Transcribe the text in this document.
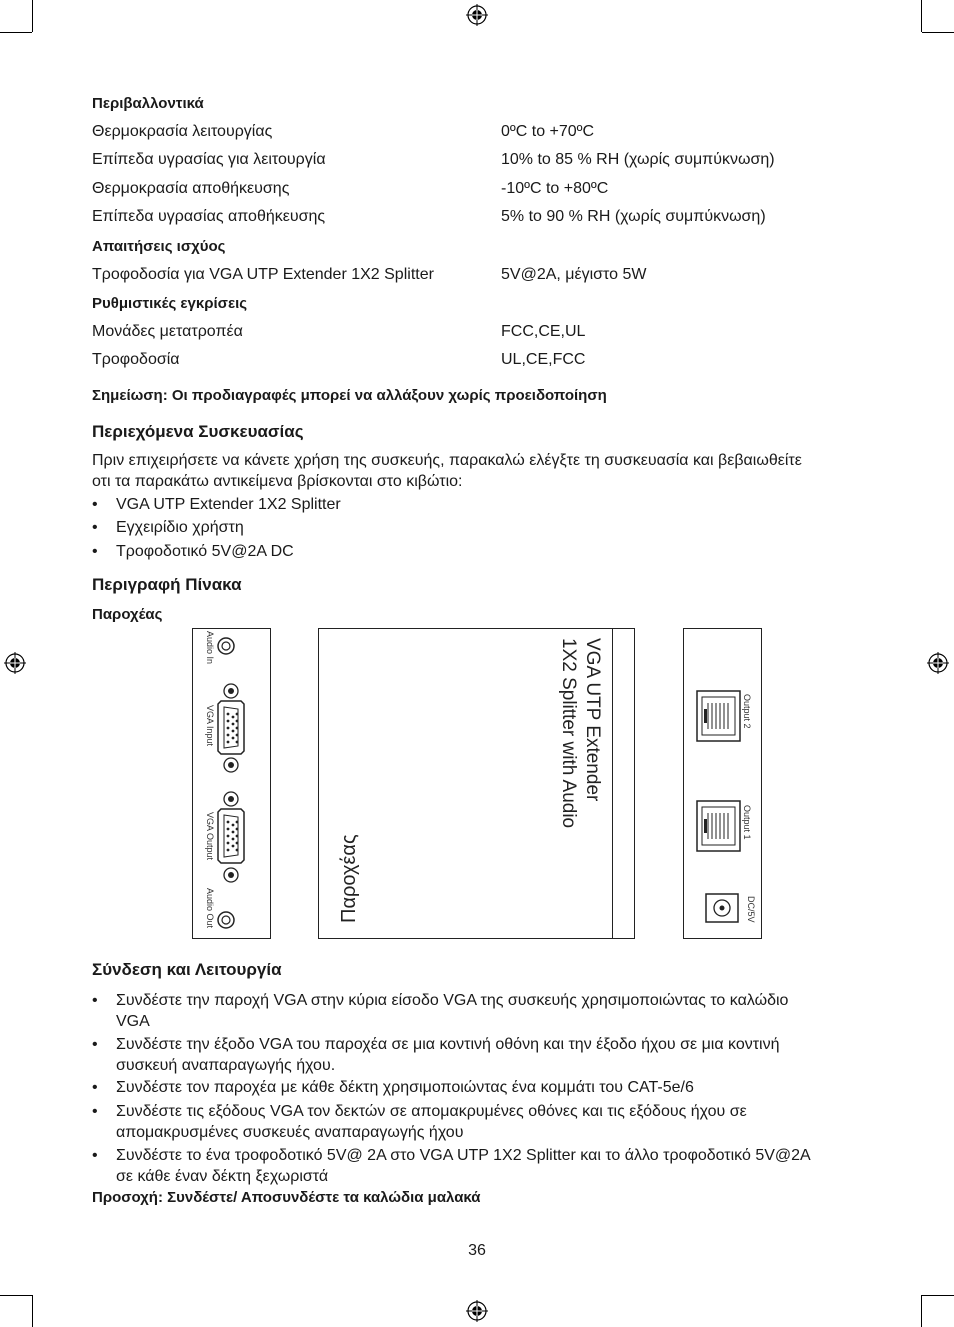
Περιβαλλοντικά
Θερμοκρασία λειτουργίας	0ºC to +70ºC
Επίπεδα υγρασίας για λειτουργία	10% to 85 % RH (χωρίς συμπύκνωση)
Θερμοκρασία αποθήκευσης	-10ºC to +80ºC
Επίπεδα υγρασίας αποθήκευσης	5% to 90 % RH (χωρίς συμπύκνωση)
Απαιτήσεις ισχύος
Τροφοδοσία για VGA UTP Extender 1X2 Splitter	5V@2A, μέγιστο 5W
Ρυθμιστικές εγκρίσεις
Μονάδες μετατροπέα	FCC,CE,UL
Τροφοδοσία	UL,CE,FCC
Σημείωση: Οι προδιαγραφές μπορεί να αλλάξουν χωρίς προειδοποίηση
Περιεχόμενα Συσκευασίας
Πριν επιχειρήσετε να κάνετε χρήση της συσκευής, παρακαλώ ελέγξτε τη συσκευασία και βεβαιωθείτε
οτι τα παρακάτω αντικείμενα βρίσκονται στο κιβώτιο:
• VGA UTP Extender 1X2 Splitter
• Εγχειρίδιο χρήστη
• Τροφοδοτικό 5V@2A DC
Περιγραφή Πίνακα
Παροχέας
Audio In
VGA Input
VGA Output
Audio Out
VGA UTP Extender
1X2 Splitter with Audio
Παροχέας
Output 2
Output 1
DC/5V
Σύνδεση και Λειτουργία
• Συνδέστε την παροχή VGA στην κύρια είσοδο VGA της συσκευής χρησιμοποιώντας το καλώδιο
VGA
• Συνδέστε την έξοδο VGA του παροχέα σε μια κοντινή οθόνη και την έξοδο ήχου σε μια κοντινή
συσκευή αναπαραγωγής ήχου.
• Συνδέστε τον παροχέα με κάθε δέκτη χρησιμοποιώντας ένα κομμάτι του CAT-5e/6
• Συνδέστε τις εξόδους VGA τον δεκτών σε απομακρυμένες οθόνες και τις εξόδους ήχου σε
απομακρυσμένες συσκευές αναπαραγωγής ήχου
• Συνδέστε το ένα τροφοδοτικό 5V@ 2A στο VGA UTP 1X2 Splitter και το άλλο τροφοδοτικό 5V@2A
σε κάθε έναν δέκτη ξεχωριστά
Προσοχή: Συνδέστε/ Αποσυνδέστε τα καλώδια μαλακά
36
